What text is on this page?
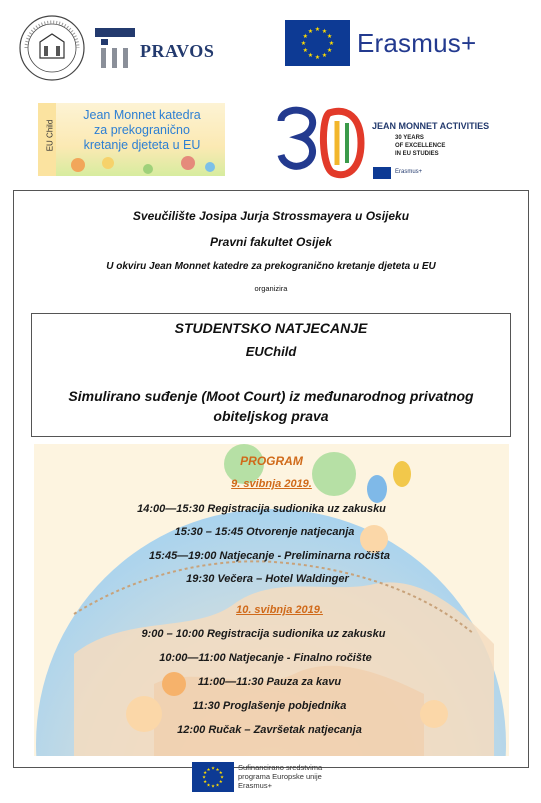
PRAVOS	★
★
★
★
★
★
★
★
★ ★ ★
★ Erasmus+
EU Child
Jean Monnet katedra
za prekogranično
kretanje djeteta u EU
JEAN MONNET ACTIVITIES
30 YEARS
OF EXCELLENCE
IN EU STUDIES
Erasmus+
Sveučilište Josipa Jurja Strossmayera u Osijeku
Pravni fakultet Osijek
U okviru Jean Monnet katedre za prekogranično kretanje djeteta u EU
organizira
STUDENTSKO NATJECANJE
EUChild
Simulirano suđenje (Moot Court) iz međunarodnog privatnog
obiteljskog prava
PROGRAM
9. svibnja 2019.
14:00—15:30 Registracija sudionika uz zakusku
15:30 – 15:45 Otvorenje natjecanja
15:45—19:00 Natjecanje - Preliminarna ročišta
19:30 Večera – Hotel Waldinger
10. svibnja 2019.
9:00 – 10:00 Registracija sudionika uz zakusku
10:00—11:00 Natjecanje - Finalno ročište
11:00—11:30 Pauza za kavu
11:30 Proglašenje pobjednika
12:00 Ručak – Završetak natjecanja
★
★
★
★
★
★
★
★
★ ★ ★
★
Sufinancirano sredstvima
programa Europske unije
Erasmus+
